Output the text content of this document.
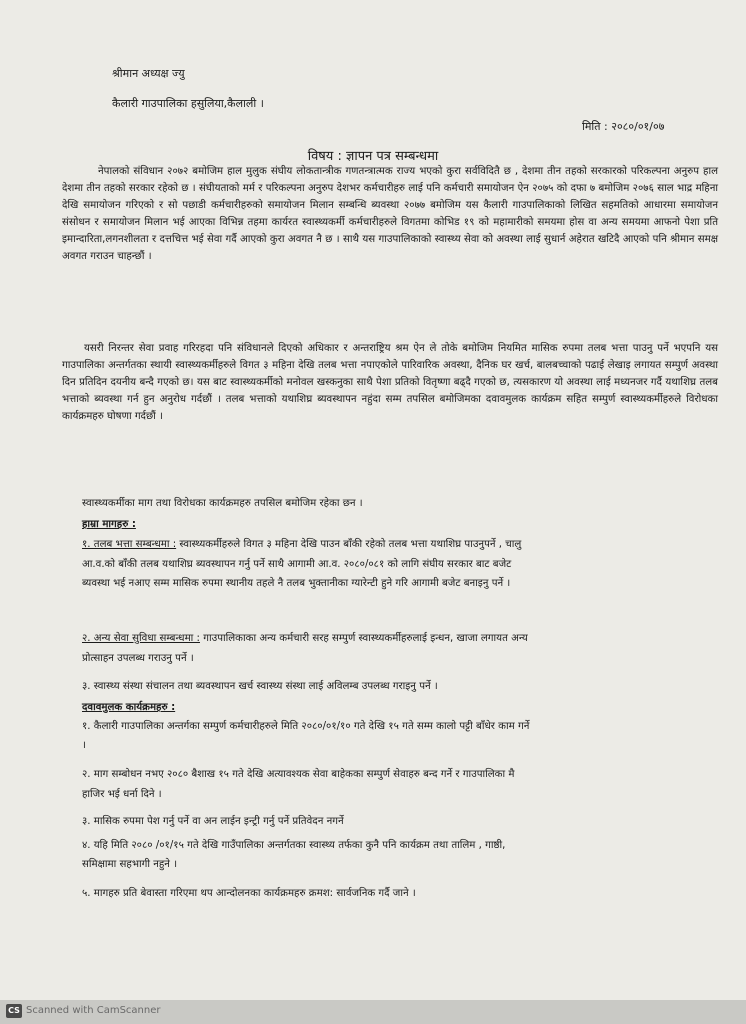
श्रीमान अध्यक्ष ज्यु
कैलारी गाउपालिका हसुलिया,कैलाली ।
मिति : २०८०/०१/०७
विषय : ज्ञापन पत्र सम्बन्धमा

नेपालको संविधान २०७२ बमोजिम हाल मुलुक संघीय लोकतान्त्रीक गणतन्त्रात्मक राज्य भएको कुरा सर्वविदितै छ , देशमा तीन तहको सरकारको परिकल्पना अनुरुप हाल देशमा तीन तहको सरकार रहेको छ । संघीयताको मर्म र परिकल्पना अनुरुप देशभर कर्मचारीहरु लाई पनि कर्मचारी समायोजन ऐन २०७५ को दफा ७ बमोजिम २०७६ साल भाद्र महिना देखि समायोजन गरिएको र सो पछाडी कर्मचारीहरुको समायोजन मिलान सम्बन्धि ब्यवस्था २०७७ बमोजिम यस कैलारी गाउपालिकाको लिखित सहमतिको आधारमा समायोजन संसोधन र समायोजन मिलान भई आएका विभिन्न तहमा कार्यरत स्वास्थ्यकर्मी कर्मचारीहरुले विगतमा कोभिड १९ को महामारीको समयमा होस वा अन्य समयमा आफनो पेशा प्रति इमान्दारिता,लगनशीलता र दत्तचित्त भई सेवा गर्दै आएको कुरा अवगत नै छ । साथै यस गाउपालिकाको स्वास्थ्य सेवा को अवस्था लाई सुधार्न अहेरात खटिदै आएको पनि श्रीमान समक्ष अवगत गराउन चाहन्छौं ।

यसरी निरन्तर सेवा प्रवाह गरिरहदा पनि संविधानले दिएको अधिकार र अन्तराष्ट्रिय श्रम ऐन ले तोके बमोजिम नियमित मासिक रुपमा तलब भत्ता पाउनु पर्ने भएपनि यस गाउपालिका अन्तर्गतका स्थायी स्वास्थ्यकर्मीहरुले विगत ३ महिना देखि तलब भत्ता नपाएकोले पारिवारिक अवस्था, दैनिक घर खर्च, बालबच्चाको पढाई लेखाइ लगायत सम्पुर्ण अवस्था दिन प्रतिदिन दयनीय बन्दै गएको छ। यस बाट स्वास्थ्यकर्मीको मनोवल खस्कनुका साथै पेशा प्रतिको वितृष्णा बढ्दै गएको छ, त्यसकारण यो अवस्था लाई मध्यनजर गर्दै यथाशिघ्र तलब भत्ताको ब्यवस्था गर्न हुन अनुरोध गर्दछौं । तलब भत्ताको यथाशिघ्र ब्यवस्थापन नहुंदा सम्म तपसिल बमोजिमका दवावमुलक कार्यक्रम सहित सम्पुर्ण स्वास्थ्यकर्मीहरुले विरोधका कार्यक्रमहरु घोषणा गर्दछौं ।

स्वास्थ्यकर्मीका माग तथा विरोधका कार्यक्रमहरु तपसिल बमोजिम रहेका छन ।

हाम्रा मागहरु :

१. तलब भत्ता सम्बन्धमा : स्वास्थ्यकर्मीहरुले विगत ३ महिना देखि पाउन बाँकी रहेको तलब भत्ता यथाशिघ्र पाउनुपर्ने , चालु

आ.व.को बाँकी तलब यथाशिघ्र ब्यवस्थापन गर्नु पर्ने साथै आगामी आ.व. २०८०/०८१ को लागि संघीय सरकार बाट बजेट

ब्यवस्था भई नआए सम्म मासिक रुपमा स्थानीय तहले नै तलब भुक्तानीका ग्यारेन्टी हुने गरि आगामी बजेट बनाइनु पर्ने ।

२. अन्य सेवा सुविधा सम्बन्धमा : गाउपालिकाका अन्य कर्मचारी सरह सम्पुर्ण स्वास्थ्यकर्मीहरुलाई इन्धन, खाजा लगायत अन्य

प्रोत्साहन उपलब्ध गराउनु पर्ने ।

३. स्वास्थ्य संस्था संचालन तथा ब्यवस्थापन खर्च स्वास्थ्य संस्था लाई अविलम्ब उपलब्ध गराइनु पर्ने ।

दवावमुलक कार्यक्रमहरु :

१. कैलारी गाउपालिका अन्तर्गका सम्पुर्ण कर्मचारीहरुले मिति २०८०/०१/१० गते देखि १५ गते सम्म कालो पट्टी बाँधेर काम गर्ने

।

२. माग सम्बोधन नभए २०८० बैशाख १५ गते देखि अत्यावश्यक सेवा बाहेकका सम्पुर्ण सेवाहरु बन्द गर्ने र गाउपालिका मै

हाजिर भई धर्ना दिने ।

३. मासिक रुपमा पेश गर्नु पर्ने वा अन लाईन इन्ट्री गर्नु पर्ने प्रतिवेदन नगर्ने

४. यहि मिति २०८० /०१/१५ गते देखि गाउँपालिका अन्तर्गतका स्वास्थ्य तर्फका कुनै पनि कार्यक्रम तथा तालिम , गाष्ठी,

समिक्षामा सहभागी नहुने ।

५. मागहरु प्रति बेवास्ता गरिएमा थप आन्दोलनका कार्यक्रमहरु क्रमश: सार्वजनिक गर्दै जाने ।

CS Scanned with CamScanner
